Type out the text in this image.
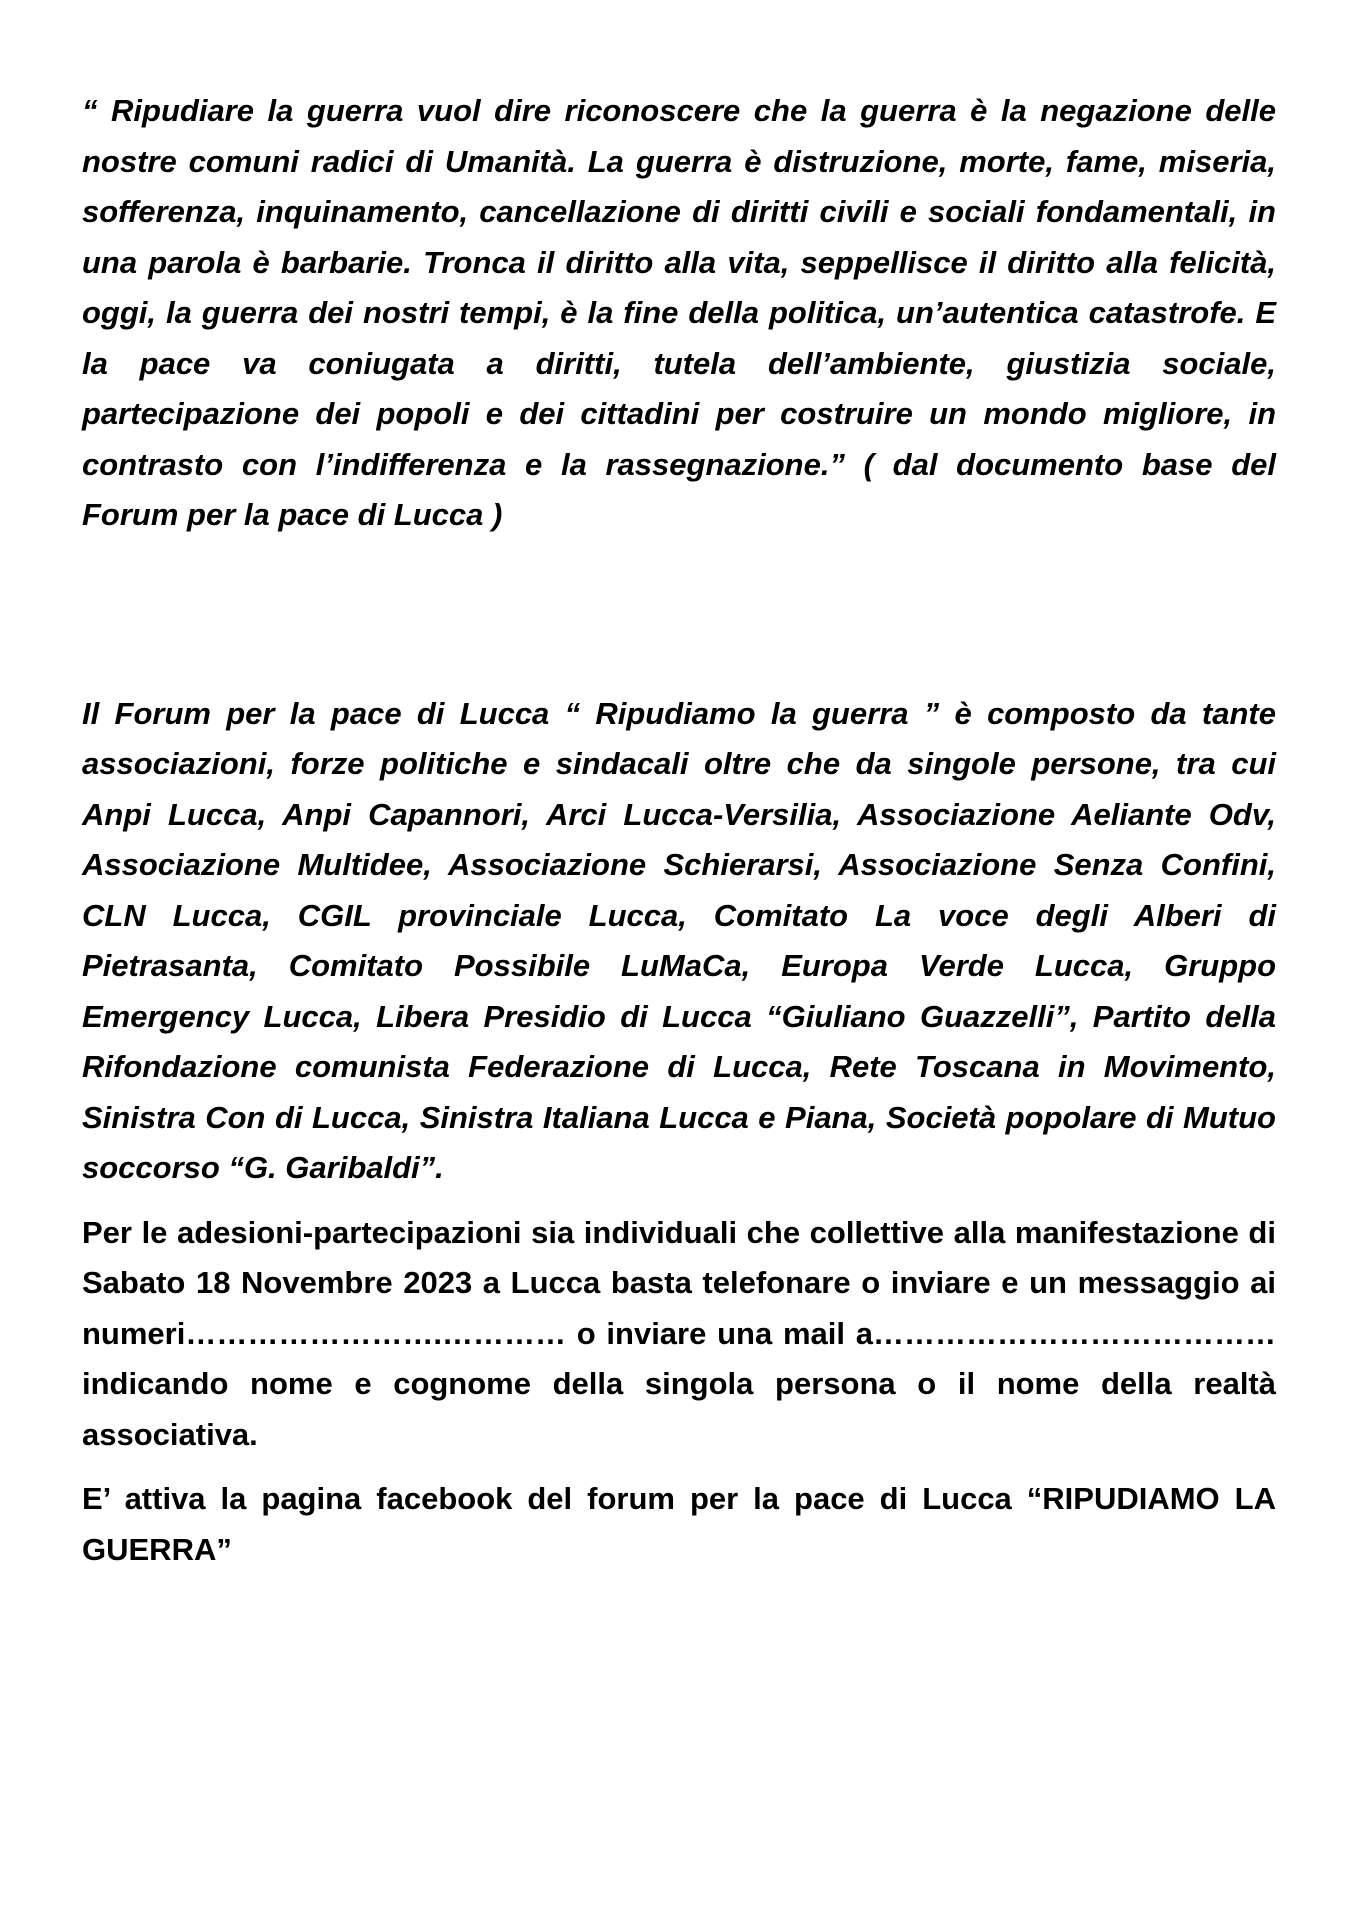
“ Ripudiare la guerra vuol dire riconoscere che la guerra è la negazione delle nostre comuni radici di Umanità. La guerra è distruzione, morte, fame, miseria, sofferenza, inquinamento, cancellazione di diritti civili e sociali fondamentali, in una parola è barbarie. Tronca il diritto alla vita, seppellisce il diritto alla felicità, oggi, la guerra dei nostri tempi, è la fine della politica, un’autentica catastrofe. E la pace va coniugata a diritti, tutela dell’ambiente, giustizia sociale, partecipazione dei popoli e dei cittadini per costruire un mondo migliore, in contrasto con l’indifferenza e la rassegnazione.” ( dal documento base del Forum per la pace di Lucca )

Il Forum per la pace di Lucca “ Ripudiamo la guerra ” è composto da tante associazioni, forze politiche e sindacali oltre che da singole persone, tra cui Anpi Lucca, Anpi Capannori, Arci Lucca-Versilia, Associazione Aeliante Odv, Associazione Multidee, Associazione Schierarsi, Associazione Senza Confini, CLN Lucca, CGIL provinciale Lucca, Comitato La voce degli Alberi di Pietrasanta, Comitato Possibile LuMaCa, Europa Verde Lucca, Gruppo Emergency Lucca, Libera Presidio di Lucca “Giuliano Guazzelli”, Partito della Rifondazione comunista Federazione di Lucca, Rete Toscana in Movimento, Sinistra Con di Lucca, Sinistra Italiana Lucca e Piana, Società popolare di Mutuo soccorso “G. Garibaldi”.

Per le adesioni-partecipazioni sia individuali che collettive alla manifestazione di Sabato 18 Novembre 2023 a Lucca basta telefonare o inviare e un messaggio ai numeri…………………….………… o inviare una mail a…………………………………indicando nome e cognome della singola persona o il nome della realtà associativa.

E’ attiva la pagina facebook del forum per la pace di Lucca “RIPUDIAMO LA GUERRA”
